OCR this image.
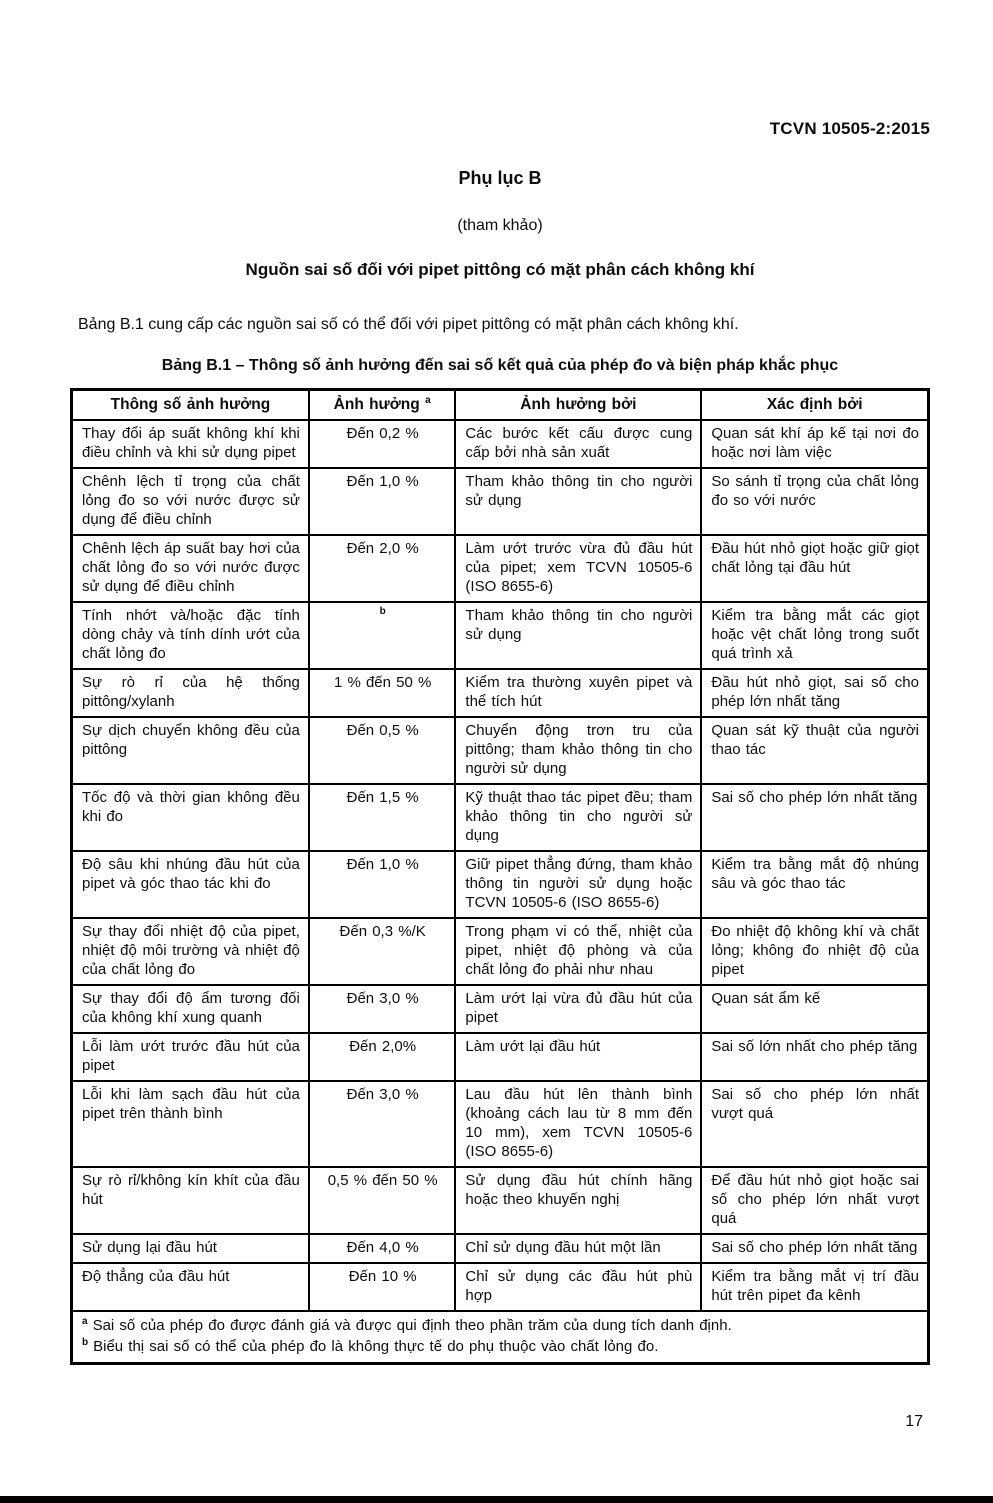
TCVN 10505-2:2015
Phụ lục B
(tham khảo)
Nguồn sai số đối với pipet pittông có mặt phân cách không khí

Bảng B.1 cung cấp các nguồn sai số có thể đối với pipet pittông có mặt phân cách không khí.

Bảng B.1 – Thông số ảnh hưởng đến sai số kết quả của phép đo và biện pháp khắc phục
Thông số ảnh hưởng	Ảnh hưởng $^a$	Ảnh hưởng bởi	Xác định bởi
Thay đổi áp suất không khí khi điều chỉnh và khi sử dụng pipet	Đến 0,2 %	Các bước kết cấu được cung cấp bởi nhà sản xuất	Quan sát khí áp kế tại nơi đo hoặc nơi làm việc
Chênh lệch tỉ trọng của chất lỏng đo so với nước được sử dụng để điều chỉnh	Đến 1,0 %	Tham khảo thông tin cho người sử dụng	So sánh tỉ trọng của chất lỏng đo so với nước
Chênh lệch áp suất bay hơi của chất lỏng đo so với nước được sử dụng để điều chỉnh	Đến 2,0 %	Làm ướt trước vừa đủ đầu hút của pipet; xem TCVN 10505-6 (ISO 8655-6)	Đầu hút nhỏ giọt hoặc giữ giọt chất lỏng tại đầu hút
Tính nhớt và/hoặc đặc tính dòng chảy và tính dính ướt của chất lỏng đo	$^b$	Tham khảo thông tin cho người sử dụng	Kiểm tra bằng mắt các giọt hoặc vệt chất lỏng trong suốt quá trình xả
Sự rò rỉ của hệ thống pittông/xylanh	1 % đến 50 %	Kiểm tra thường xuyên pipet và thể tích hút	Đầu hút nhỏ giọt, sai số cho phép lớn nhất tăng
Sự dịch chuyển không đều của pittông	Đến 0,5 %	Chuyển động trơn tru của pittông; tham khảo thông tin cho người sử dụng	Quan sát kỹ thuật của người thao tác
Tốc độ và thời gian không đều khi đo	Đến 1,5 %	Kỹ thuật thao tác pipet đều; tham khảo thông tin cho người sử dụng	Sai số cho phép lớn nhất tăng
Độ sâu khi nhúng đầu hút của pipet và góc thao tác khi đo	Đến 1,0 %	Giữ pipet thẳng đứng, tham khảo thông tin người sử dụng hoặc TCVN 10505-6 (ISO 8655-6)	Kiểm tra bằng mắt độ nhúng sâu và góc thao tác
Sự thay đổi nhiệt độ của pipet, nhiệt độ môi trường và nhiệt độ của chất lỏng đo	Đến 0,3 %/K	Trong phạm vi có thể, nhiệt của pipet, nhiệt độ phòng và của chất lỏng đo phải như nhau	Đo nhiệt độ không khí và chất lỏng; không đo nhiệt độ của pipet
Sự thay đổi độ ẩm tương đối của không khí xung quanh	Đến 3,0 %	Làm ướt lại vừa đủ đầu hút của pipet	Quan sát ẩm kế
Lỗi làm ướt trước đầu hút của pipet	Đến 2,0%	Làm ướt lại đầu hút	Sai số lớn nhất cho phép tăng
Lỗi khi làm sạch đầu hút của pipet trên thành bình	Đến 3,0 %	Lau đầu hút lên thành bình (khoảng cách lau từ 8 mm đến 10 mm), xem TCVN 10505-6 (ISO 8655-6)	Sai số cho phép lớn nhất vượt quá
Sự rò rỉ/không kín khít của đầu hút	0,5 % đến 50 %	Sử dụng đầu hút chính hãng hoặc theo khuyến nghị	Để đầu hút nhỏ giọt hoặc sai số cho phép lớn nhất vượt quá
Sử dụng lại đầu hút	Đến 4,0 %	Chỉ sử dụng đầu hút một lần	Sai số cho phép lớn nhất tăng
Độ thẳng của đầu hút	Đến 10 %	Chỉ sử dụng các đầu hút phù hợp	Kiểm tra bằng mắt vị trí đầu hút trên pipet đa kênh

$^a$ Sai số của phép đo được đánh giá và được qui định theo phần trăm của dung tích danh định.
$^b$ Biểu thị sai số có thể của phép đo là không thực tế do phụ thuộc vào chất lỏng đo.			
17
